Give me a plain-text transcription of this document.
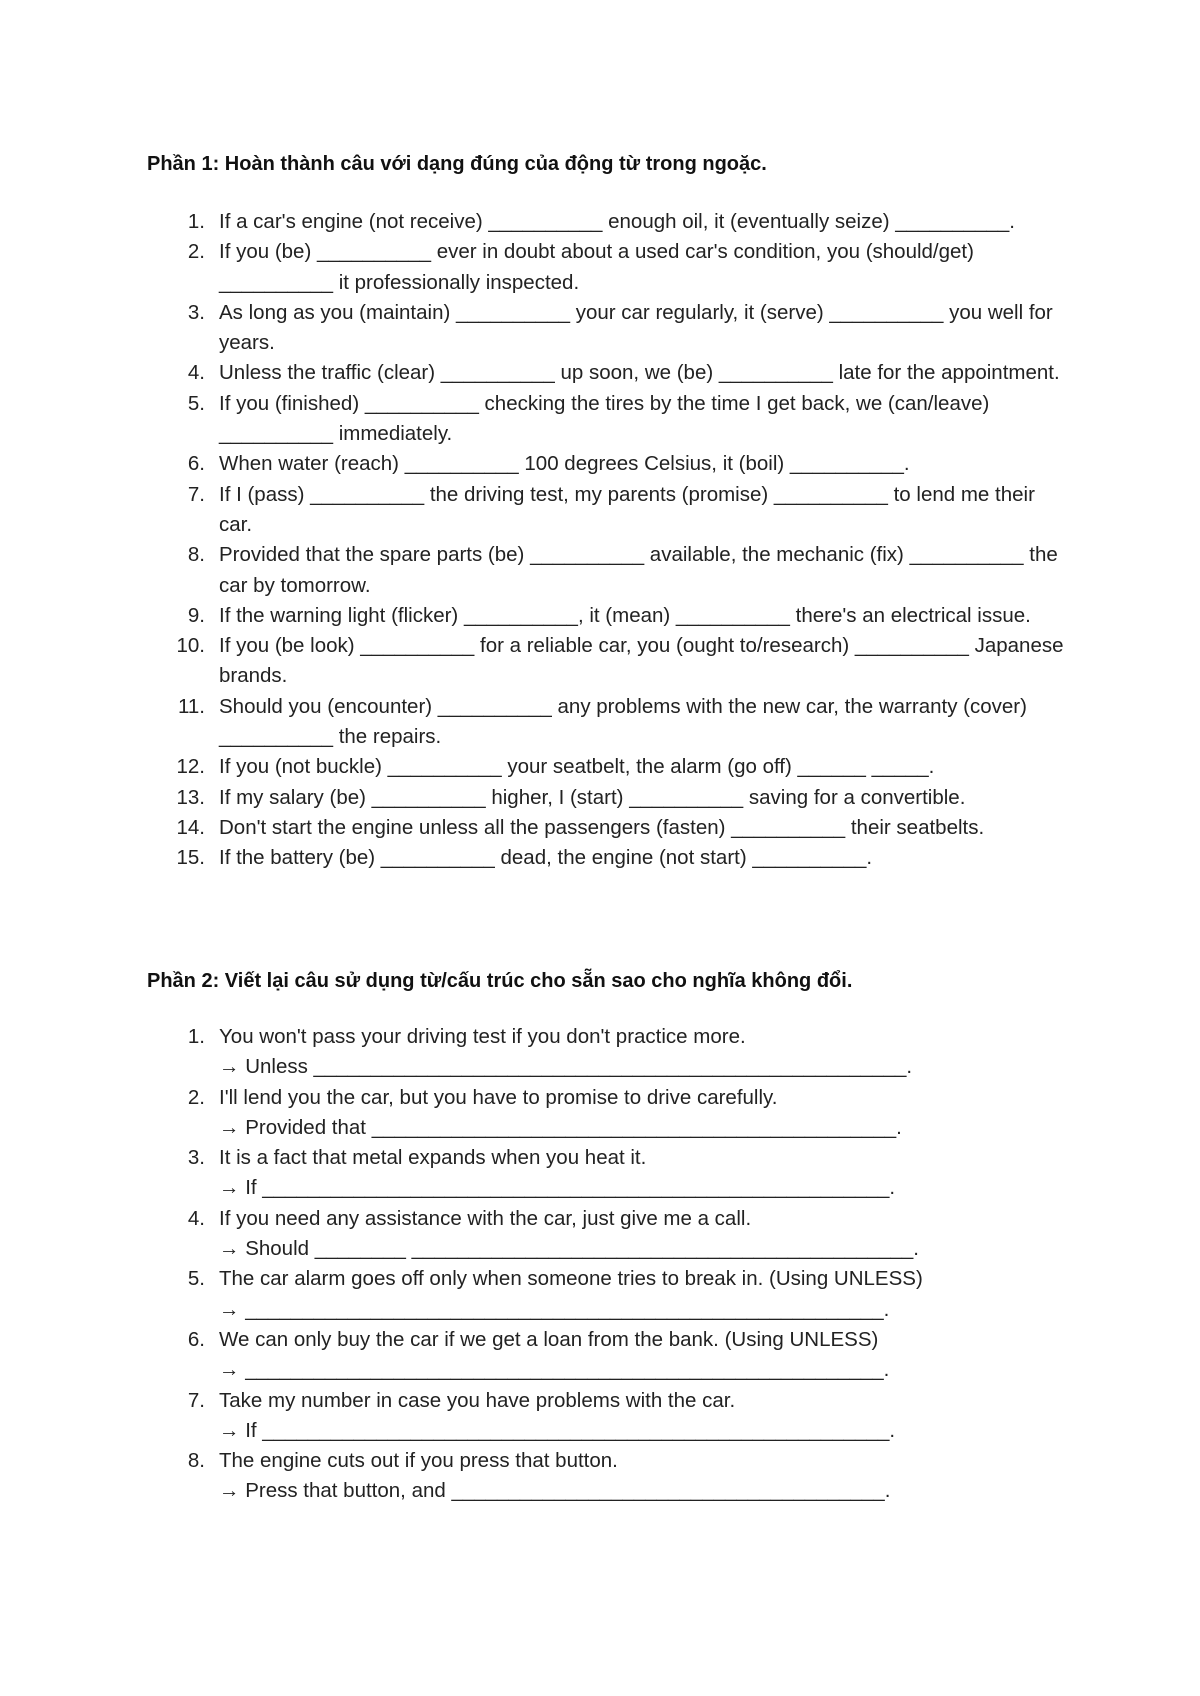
Phần 1: Hoàn thành câu với dạng đúng của động từ trong ngoặc.
1. If a car's engine (not receive) __________ enough oil, it (eventually seize) __________.
2. If you (be) __________ ever in doubt about a used car's condition, you (should/get) __________ it professionally inspected.
3. As long as you (maintain) __________ your car regularly, it (serve) __________ you well for years.
4. Unless the traffic (clear) __________ up soon, we (be) __________ late for the appointment.
5. If you (finished) __________ checking the tires by the time I get back, we (can/leave) __________ immediately.
6. When water (reach) __________ 100 degrees Celsius, it (boil) __________.
7. If I (pass) __________ the driving test, my parents (promise) __________ to lend me their car.
8. Provided that the spare parts (be) __________ available, the mechanic (fix) __________ the car by tomorrow.
9. If the warning light (flicker) __________, it (mean) __________ there's an electrical issue.
10. If you (be look) __________ for a reliable car, you (ought to/research) __________ Japanese brands.
11. Should you (encounter) __________ any problems with the new car, the warranty (cover) __________ the repairs.
12. If you (not buckle) __________ your seatbelt, the alarm (go off) ______ _____.
13. If my salary (be) __________ higher, I (start) __________ saving for a convertible.
14. Don't start the engine unless all the passengers (fasten) __________ their seatbelts.
15. If the battery (be) __________ dead, the engine (not start) __________.
Phần 2: Viết lại câu sử dụng từ/cấu trúc cho sẵn sao cho nghĩa không đổi.
1. You won't pass your driving test if you don't practice more.
→ Unless ____________________________________________________.
2. I'll lend you the car, but you have to promise to drive carefully.
→ Provided that ______________________________________________.
3. It is a fact that metal expands when you heat it.
→ If _______________________________________________________.
4. If you need any assistance with the car, just give me a call.
→ Should ________ ____________________________________________.
5. The car alarm goes off only when someone tries to break in. (Using UNLESS)
→ ________________________________________________________.
6. We can only buy the car if we get a loan from the bank. (Using UNLESS)
→ ________________________________________________________.
7. Take my number in case you have problems with the car.
→ If _______________________________________________________.
8. The engine cuts out if you press that button.
→ Press that button, and ______________________________________.
